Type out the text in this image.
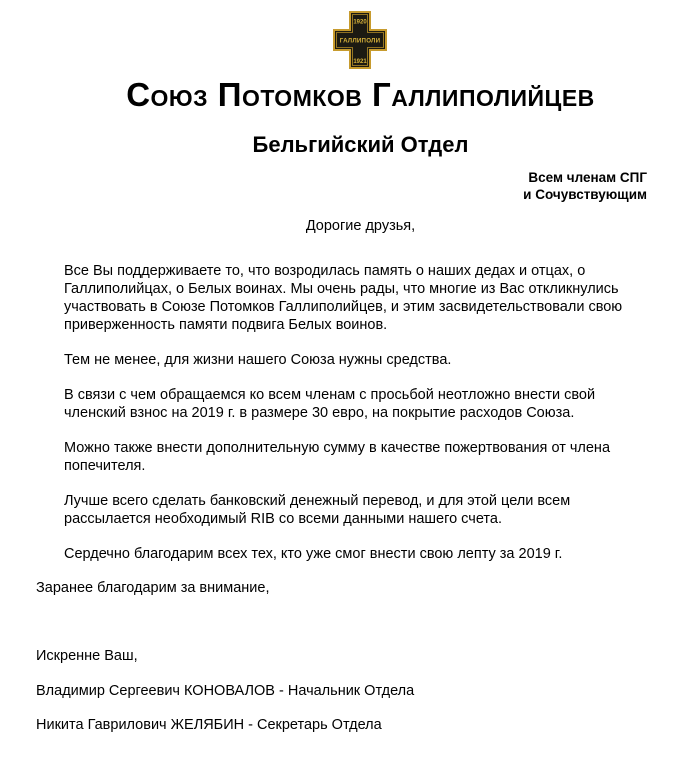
1920
ГАЛЛИПОЛИ
1921
Союз Потомков Галлиполийцев
Бельгийский Отдел
Всем членам СПГ
и Сочувствующим
Дорогие друзья,

Все Вы поддерживаете то, что возродилась память о наших дедах и отцах, о Галлиполийцах, о Белых воинах. Мы очень рады, что многие из Вас откликнулись участвовать в Союзе Потомков Галлиполийцев, и этим засвидетельствовали свою приверженность памяти подвига Белых воинов.

Тем не менее, для жизни нашего Союза нужны средства.

В связи с чем обращаемся ко всем членам с просьбой неотложно внести свой членский взнос на 2019 г. в размере 30 евро, на покрытие расходов Союза.

Можно также внести дополнительную сумму в качестве пожертвования от члена попечителя.

Лучше всего сделать банковский денежный перевод, и для этой цели всем рассылается необходимый RIB со всеми данными нашего счета.

Сердечно благодарим всех тех, кто уже смог внести свою лепту за 2019 г.

Заранее благодарим за внимание,
Искренне Ваш,
Владимир Сергеевич КОНОВАЛОВ - Начальник Отдела
Никита Гаврилович ЖЕЛЯБИН - Секретарь Отдела
